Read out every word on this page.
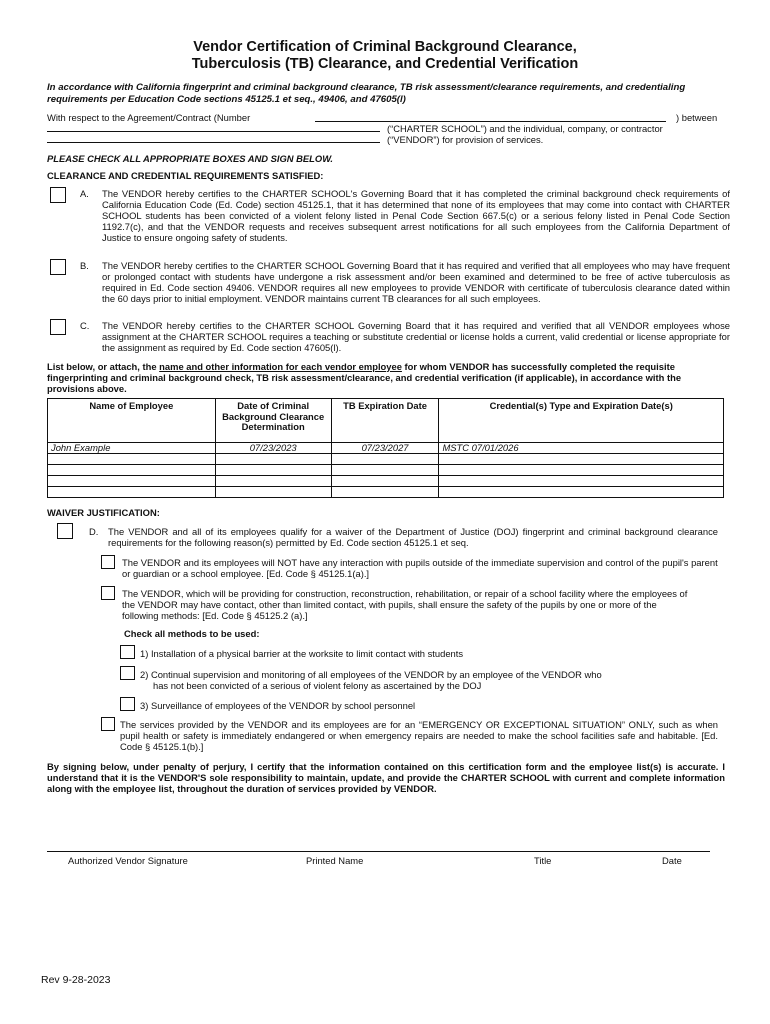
Vendor Certification of Criminal Background Clearance,
Tuberculosis (TB) Clearance, and Credential Verification
In accordance with California fingerprint and criminal background clearance, TB risk assessment/clearance requirements, and credentialing requirements per Education Code sections 45125.1 et seq., 49406, and 47605(l)
With respect to the Agreement/Contract (Number	) between
(“CHARTER SCHOOL”) and the individual, company, or contractor
(“VENDOR”) for provision of services.
PLEASE CHECK ALL APPROPRIATE BOXES AND SIGN BELOW.
CLEARANCE AND CREDENTIAL REQUIREMENTS SATISFIED:
A. The VENDOR hereby certifies to the CHARTER SCHOOL's Governing Board that it has completed the criminal background check requirements of California Education Code (Ed. Code) section 45125.1, that it has determined that none of its employees that may come into contact with CHARTER SCHOOL students has been convicted of a violent felony listed in Penal Code Section 667.5(c) or a serious felony listed in Penal Code Section 1192.7(c), and that the VENDOR requests and receives subsequent arrest notifications for all such employees from the California Department of Justice to ensure ongoing safety of students.
B. The VENDOR hereby certifies to the CHARTER SCHOOL Governing Board that it has required and verified that all employees who may have frequent or prolonged contact with students have undergone a risk assessment and/or been examined and determined to be free of active tuberculosis as required in Ed. Code section 49406. VENDOR requires all new employees to provide VENDOR with certificate of tuberculosis clearance dated within the 60 days prior to initial employment. VENDOR maintains current TB clearances for all such employees.
C. The VENDOR hereby certifies to the CHARTER SCHOOL Governing Board that it has required and verified that all VENDOR employees whose assignment at the CHARTER SCHOOL requires a teaching or substitute credential or license holds a current, valid credential or license appropriate for the assignment as required by Ed. Code section 47605(l).
List below, or attach, the name and other information for each vendor employee for whom VENDOR has successfully completed the requisite fingerprinting and criminal background check, TB risk assessment/clearance, and credential verification (if applicable), in accordance with the provisions above.
Name of Employee	Date of Criminal Background Clearance Determination	TB Expiration Date	Credential(s) Type and Expiration Date(s)
John Example	07/23/2023	07/23/2027	MSTC 07/01/2026

WAIVER JUSTIFICATION:
D. The VENDOR and all of its employees qualify for a waiver of the Department of Justice (DOJ) fingerprint and criminal background clearance requirements for the following reason(s) permitted by Ed. Code section 45125.1 et seq.
The VENDOR and its employees will NOT have any interaction with pupils outside of the immediate supervision and control of the pupil's parent or guardian or a school employee. [Ed. Code § 45125.1(a).]
The VENDOR, which will be providing for construction, reconstruction, rehabilitation, or repair of a school facility where the employees of the VENDOR may have contact, other than limited contact, with pupils, shall ensure the safety of the pupils by one or more of the following methods: [Ed. Code § 45125.2 (a).]
Check all methods to be used:
1) Installation of a physical barrier at the worksite to limit contact with students
2) Continual supervision and monitoring of all employees of the VENDOR by an employee of the VENDOR who
has not been convicted of a serious of violent felony as ascertained by the DOJ
3) Surveillance of employees of the VENDOR by school personnel
The services provided by the VENDOR and its employees are for an “EMERGENCY OR EXCEPTIONAL SITUATION” ONLY, such as when pupil health or safety is immediately endangered or when emergency repairs are needed to make the school facilities safe and habitable. [Ed. Code § 45125.1(b).]
By signing below, under penalty of perjury, I certify that the information contained on this certification form and the employee list(s) is accurate. I understand that it is the VENDOR'S sole responsibility to maintain, update, and provide the CHARTER SCHOOL with current and complete information along with the employee list, throughout the duration of services provided by VENDOR.
Authorized Vendor Signature	Printed Name	Title	Date
Rev 9-28-2023
